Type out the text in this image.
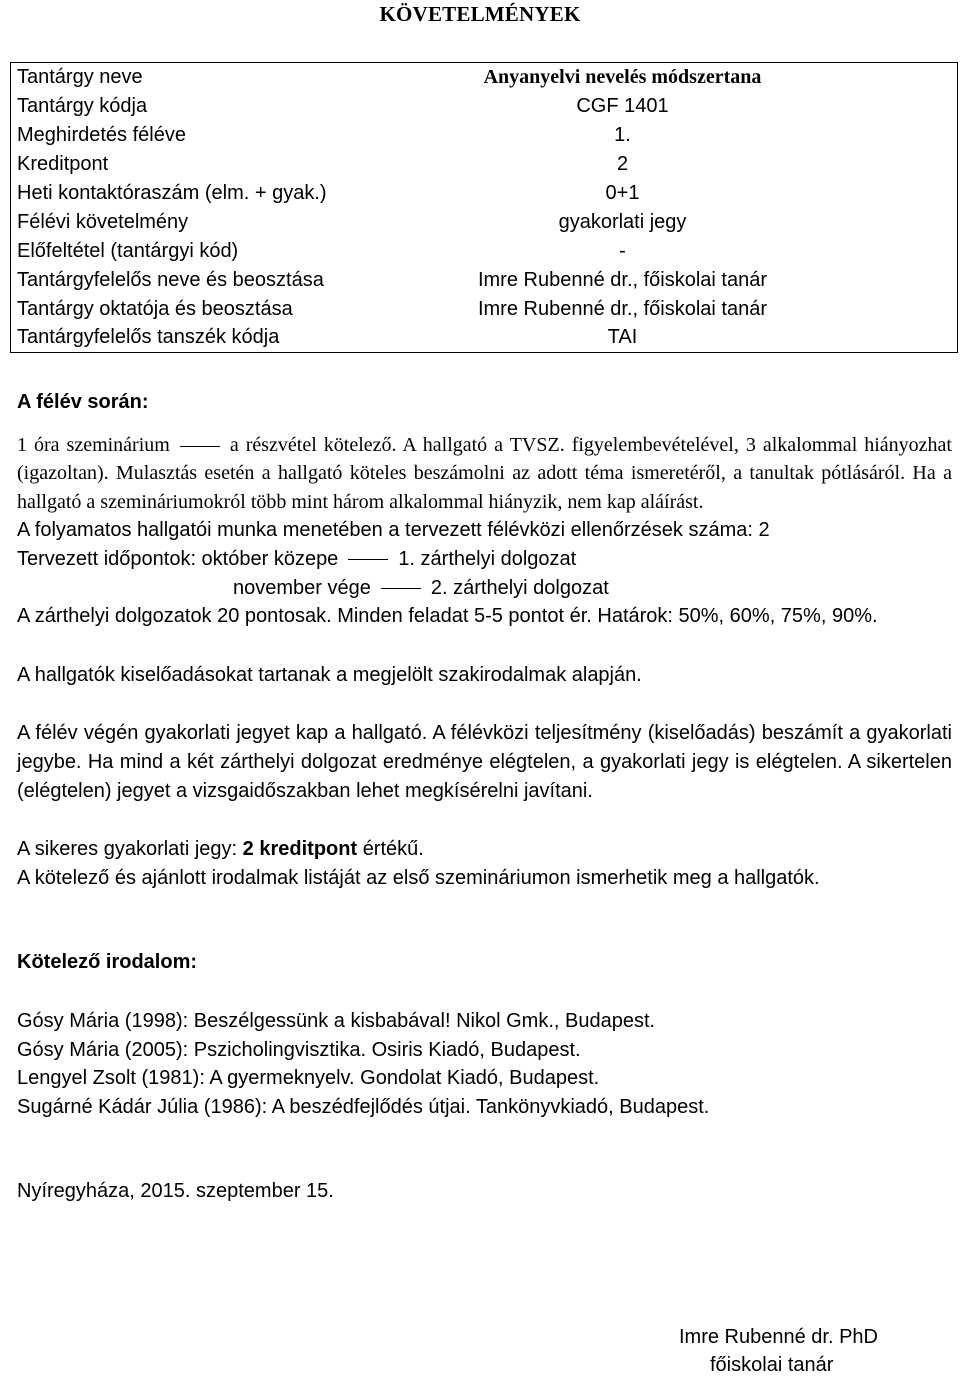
KÖVETELMÉNYEK
Tantárgy neve	Anyanyelvi nevelés módszertana
Tantárgy kódja	CGF 1401
Meghirdetés féléve	1.
Kreditpont	2
Heti kontaktóraszám (elm. + gyak.)	0+1
Félévi követelmény	gyakorlati jegy
Előfeltétel (tantárgyi kód)	-
Tantárgyfelelős neve és beosztása	Imre Rubenné dr., főiskolai tanár
Tantárgy oktatója és beosztása	Imre Rubenné dr., főiskolai tanár
Tantárgyfelelős tanszék kódja	TAI
A félév során:
1 óra szeminárium	a részvétel kötelező. A hallgató a TVSZ. figyelembevételével, 3 alkalommal hiányozhat (igazoltan). Mulasztás esetén a hallgató köteles beszámolni az adott téma ismeretéről, a tanultak pótlásáról. Ha a hallgató a szemináriumokról több mint három alkalommal hiányzik, nem kap aláírást.
A folyamatos hallgatói munka menetében a tervezett félévközi ellenőrzések száma: 2
Tervezett időpontok: október közepe	1. zárthelyi dolgozat
november vége	2. zárthelyi dolgozat
A zárthelyi dolgozatok 20 pontosak. Minden feladat 5-5 pontot ér. Határok: 50%, 60%, 75%, 90%.
A hallgatók kiselőadásokat tartanak a megjelölt szakirodalmak alapján.
A félév végén gyakorlati jegyet kap a hallgató. A félévközi teljesítmény (kiselőadás) beszámít a gyakorlati jegybe. Ha mind a két zárthelyi dolgozat eredménye elégtelen, a gyakorlati jegy is elégtelen. A sikertelen (elégtelen) jegyet a vizsgaidőszakban lehet megkísérelni javítani.
A sikeres gyakorlati jegy: 2 kreditpont értékű.
A kötelező és ajánlott irodalmak listáját az első szemináriumon ismerhetik meg a hallgatók.
Kötelező irodalom:
Gósy Mária (1998): Beszélgessünk a kisbabával! Nikol Gmk., Budapest.
Gósy Mária (2005): Pszicholingvisztika. Osiris Kiadó, Budapest.
Lengyel Zsolt (1981): A gyermeknyelv. Gondolat Kiadó, Budapest.
Sugárné Kádár Júlia (1986): A beszédfejlődés útjai. Tankönyvkiadó, Budapest.
Nyíregyháza, 2015. szeptember 15.
Imre Rubenné dr. PhD
főiskolai tanár
